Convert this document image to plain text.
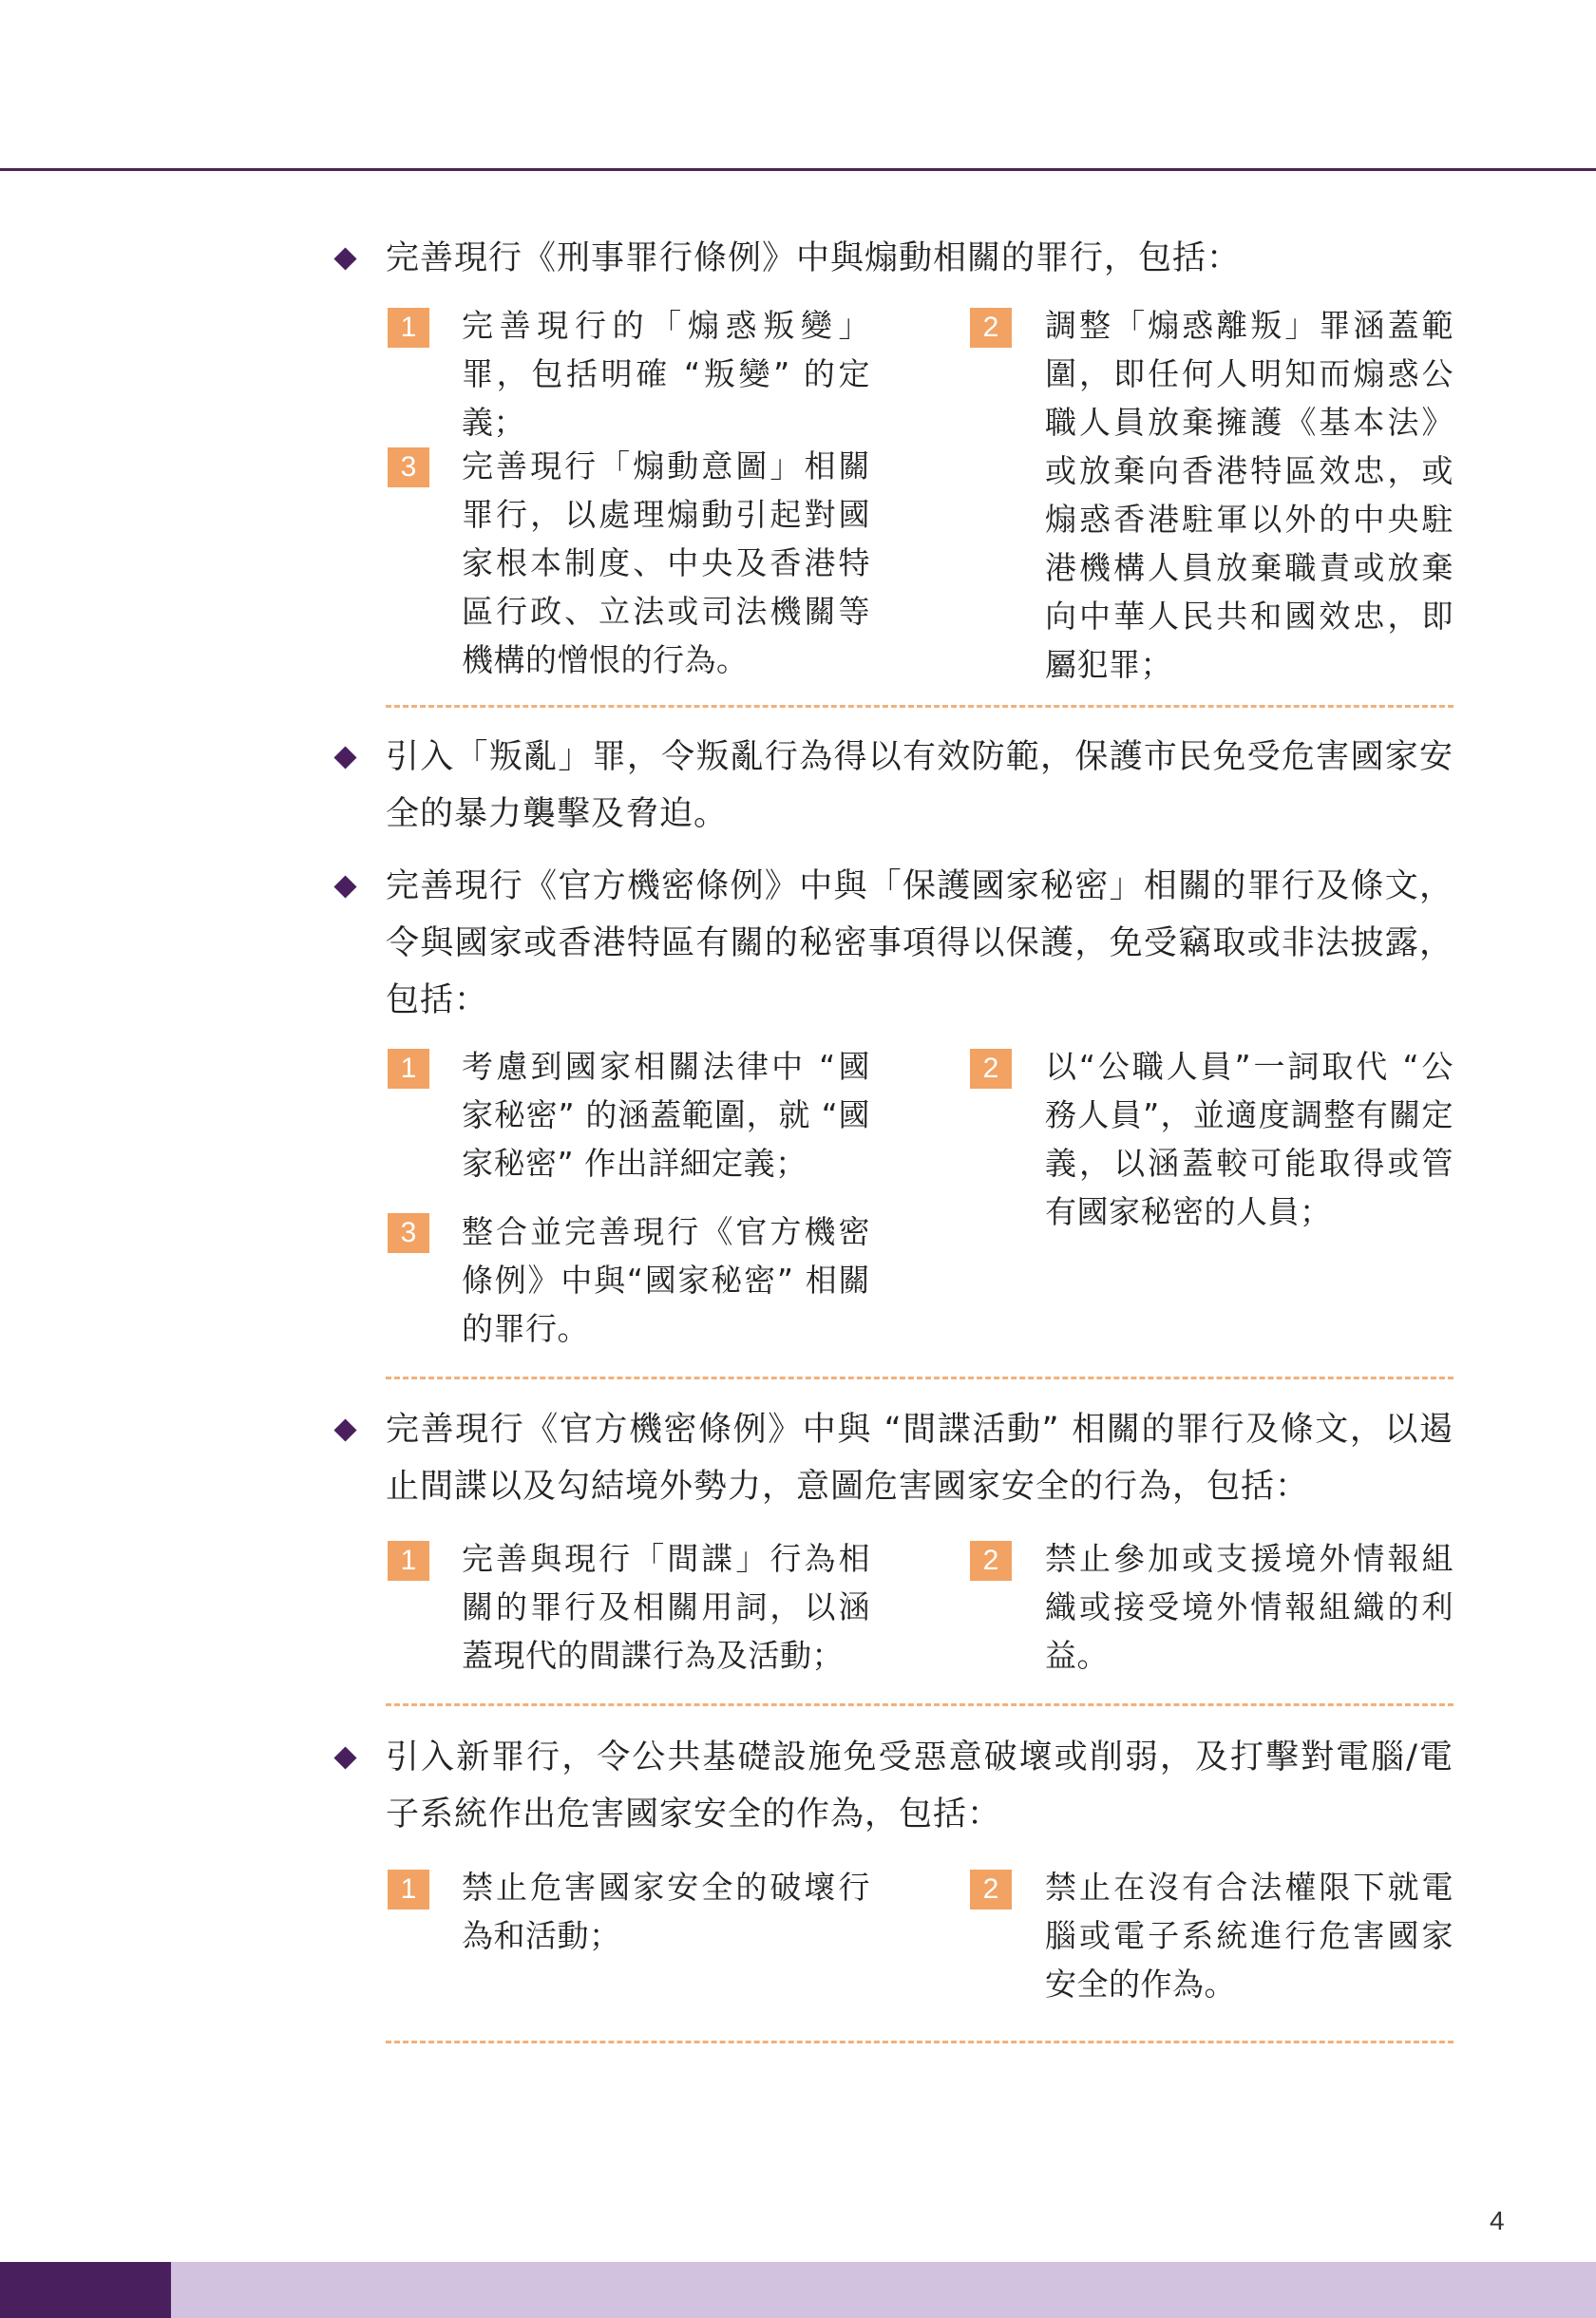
完善現行《刑事罪行條例》中與煽動相關的罪行，包括：
1	完善現行的「煽惑叛變」罪，包括明確 “叛變” 的定義；
2	調整「煽惑離叛」罪涵蓋範圍，即任何人明知而煽惑公職人員放棄擁護《基本法》或放棄向香港特區效忠，或煽惑香港駐軍以外的中央駐港機構人員放棄職責或放棄向中華人民共和國效忠，即屬犯罪；
3	完善現行「煽動意圖」相關罪行，以處理煽動引起對國家根本制度、中央及香港特區行政、立法或司法機關等機構的憎恨的行為。
引入「叛亂」罪，令叛亂行為得以有效防範，保護市民免受危害國家安全的暴力襲擊及脅迫。
完善現行《官方機密條例》中與「保護國家秘密」相關的罪行及條文，令與國家或香港特區有關的秘密事項得以保護，免受竊取或非法披露，包括：
1	考慮到國家相關法律中 “國家秘密” 的涵蓋範圍，就 “國家秘密” 作出詳細定義；
2	以“公職人員”一詞取代 “公務人員”，並適度調整有關定義，以涵蓋較可能取得或管有國家秘密的人員；
3	整合並完善現行《官方機密條例》中與“國家秘密” 相關的罪行。
完善現行《官方機密條例》中與 “間諜活動” 相關的罪行及條文，以遏止間諜以及勾結境外勢力，意圖危害國家安全的行為，包括：
1	完善與現行「間諜」行為相關的罪行及相關用詞，以涵蓋現代的間諜行為及活動；
2	禁止參加或支援境外情報組織或接受境外情報組織的利益。
引入新罪行，令公共基礎設施免受惡意破壞或削弱，及打擊對電腦/電子系統作出危害國家安全的作為，包括：
1	禁止危害國家安全的破壞行為和活動；
2	禁止在沒有合法權限下就電腦或電子系統進行危害國家安全的作為。
4
